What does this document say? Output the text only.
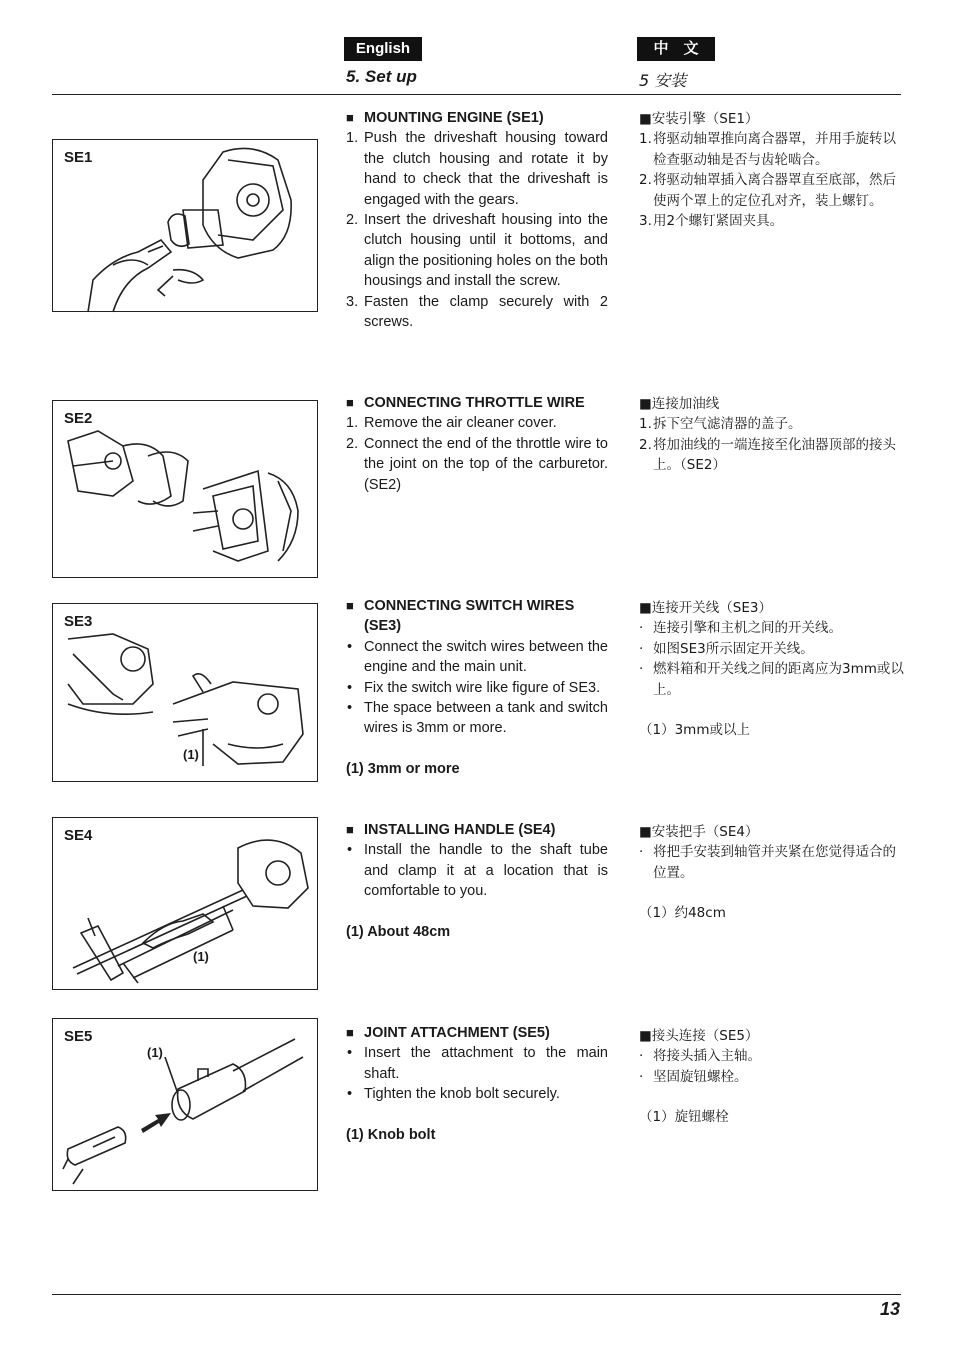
English	中　文
5. Set up	5 安装
SE1
■ MOUNTING ENGINE (SE1)
1. Push the driveshaft housing toward the clutch housing and rotate it by hand to check that the driveshaft is engaged with the gears.
2. Insert the driveshaft housing into the clutch housing until it bottoms, and align the positioning holes on the both housings and install the screw.
3. Fasten the clamp securely with 2 screws.
■安装引擎（SE1）
1. 将驱动轴罩推向离合器罩，并用手旋转以检查驱动轴是否与齿轮啮合。
2. 将驱动轴罩插入离合器罩直至底部，然后使两个罩上的定位孔对齐，装上螺钉。
3. 用2个螺钉紧固夹具。
SE2
■ CONNECTING THROTTLE WIRE
1. Remove the air cleaner cover.
2. Connect the end of the throttle wire to the joint on the top of the carburetor. (SE2)
■连接加油线
1. 拆下空气滤清器的盖子。
2. 将加油线的一端连接至化油器顶部的接头上。（SE2）
SE3
(1)
■ CONNECTING SWITCH WIRES (SE3)
• Connect the switch wires between the engine and the main unit.
• Fix the switch wire like figure of SE3.
• The space between a tank and switch wires is 3mm or more.
(1) 3mm or more
■连接开关线（SE3）
· 连接引擎和主机之间的开关线。
· 如图SE3所示固定开关线。
· 燃料箱和开关线之间的距离应为3mm或以上。
（1）3mm或以上
SE4
(1)
■ INSTALLING HANDLE (SE4)
• Install the handle to the shaft tube and clamp it at a location that is comfortable to you.
(1) About 48cm
■安装把手（SE4）
· 将把手安装到轴管并夹紧在您觉得适合的位置。
（1）约48cm
SE5
(1)
■ JOINT ATTACHMENT (SE5)
• Insert the attachment to the main shaft.
• Tighten the knob bolt securely.
(1) Knob bolt
■接头连接（SE5）
· 将接头插入主轴。
· 坚固旋钮螺栓。
（1）旋钮螺栓
13
